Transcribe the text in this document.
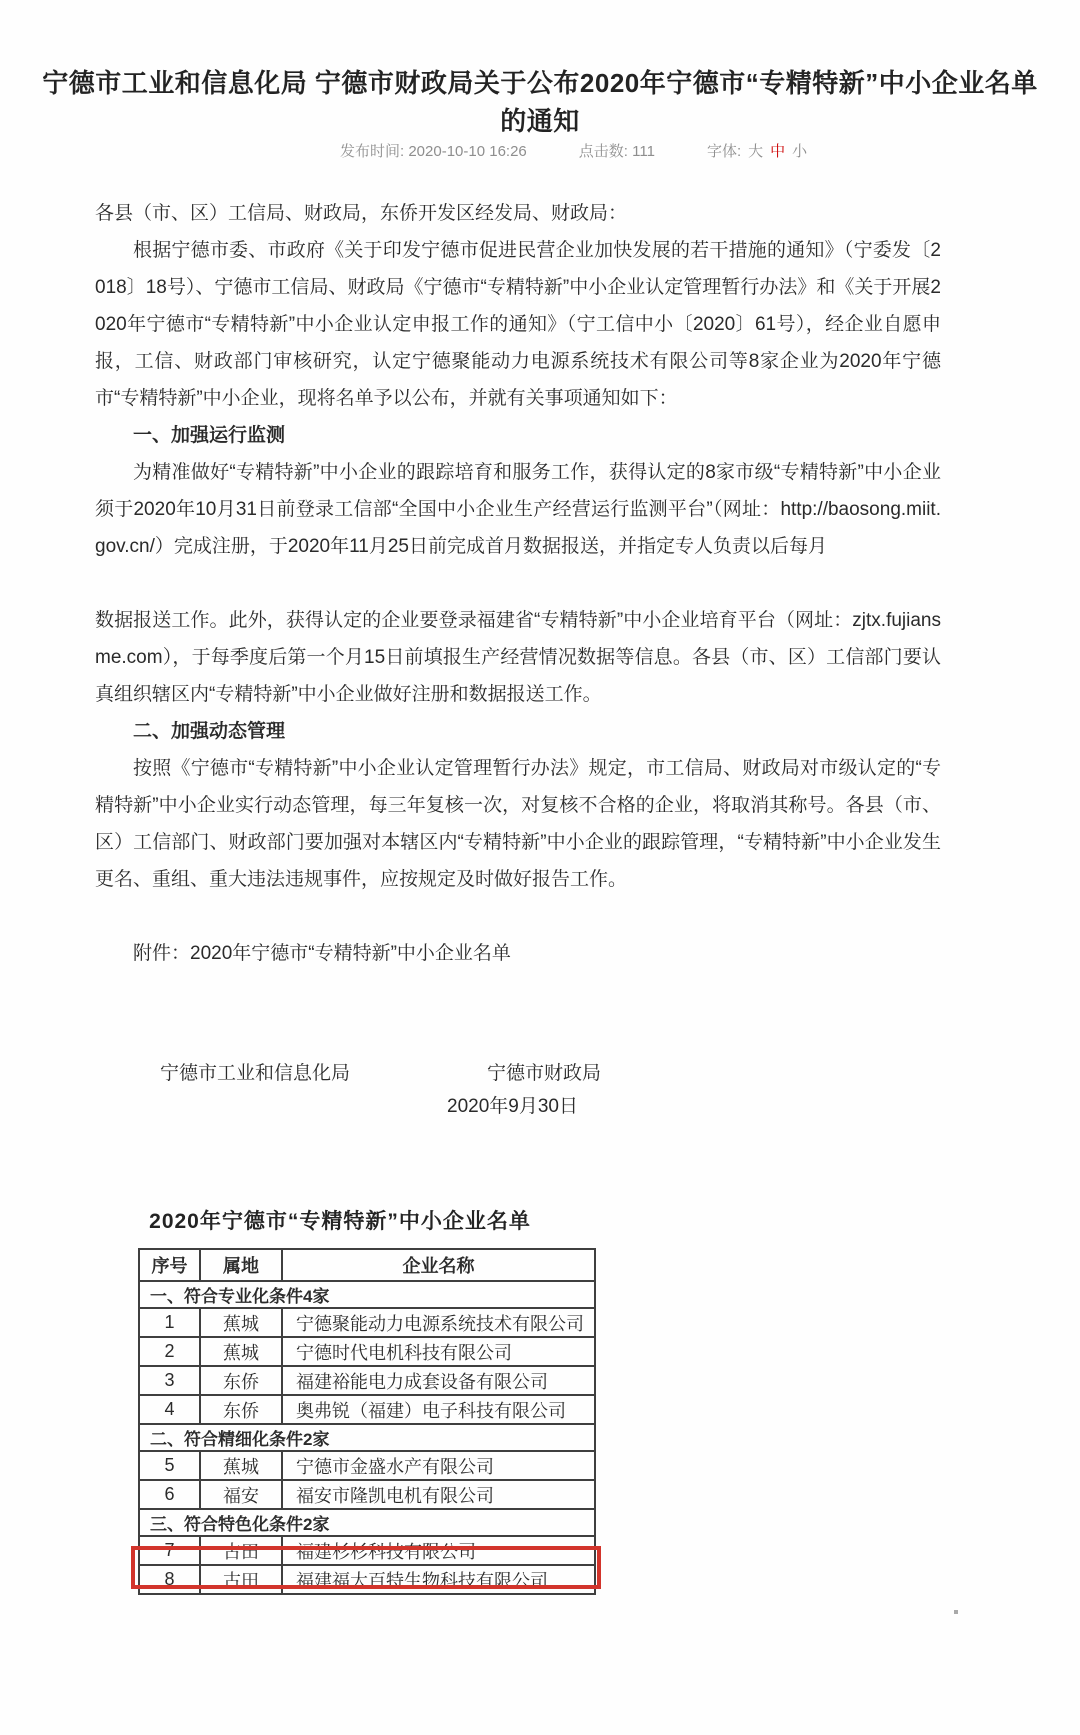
宁德市工业和信息化局 宁德市财政局关于公布2020年宁德市“专精特新”中小企业名单的通知
发布时间: 2020-10-10 16:26	点击数: 111	字体: 大 中 小

各县（市、区）工信局、财政局，东侨开发区经发局、财政局：

根据宁德市委、市政府《关于印发宁德市促进民营企业加快发展的若干措施的通知》（宁委发〔2018〕18号）、宁德市工信局、财政局《宁德市“专精特新”中小企业认定管理暂行办法》和《关于开展2020年宁德市“专精特新”中小企业认定申报工作的通知》（宁工信中小〔2020〕61号），经企业自愿申报，工信、财政部门审核研究，认定宁德聚能动力电源系统技术有限公司等8家企业为2020年宁德市“专精特新”中小企业，现将名单予以公布，并就有关事项通知如下：

一、加强运行监测

为精准做好“专精特新”中小企业的跟踪培育和服务工作，获得认定的8家市级“专精特新”中小企业须于2020年10月31日前登录工信部“全国中小企业生产经营运行监测平台”（网址：http://baosong.miit.gov.cn/）完成注册，于2020年11月25日前完成首月数据报送，并指定专人负责以后每月

数据报送工作。此外，获得认定的企业要登录福建省“专精特新”中小企业培育平台（网址：zjtx.fujiansme.com），于每季度后第一个月15日前填报生产经营情况数据等信息。各县（市、区）工信部门要认真组织辖区内“专精特新”中小企业做好注册和数据报送工作。

二、加强动态管理

按照《宁德市“专精特新”中小企业认定管理暂行办法》规定，市工信局、财政局对市级认定的“专精特新”中小企业实行动态管理，每三年复核一次，对复核不合格的企业，将取消其称号。各县（市、区）工信部门、财政部门要加强对本辖区内“专精特新”中小企业的跟踪管理，“专精特新”中小企业发生更名、重组、重大违法违规事件，应按规定及时做好报告工作。

附件：2020年宁德市“专精特新”中小企业名单

宁德市工业和信息化局	宁德市财政局
2020年9月30日
2020年宁德市“专精特新”中小企业名单
序号	属地	企业名称
一、符合专业化条件4家		
1	蕉城	宁德聚能动力电源系统技术有限公司
2	蕉城	宁德时代电机科技有限公司
3	东侨	福建裕能电力成套设备有限公司
4	东侨	奥弗锐（福建）电子科技有限公司
二、符合精细化条件2家		
5	蕉城	宁德市金盛水产有限公司
6	福安	福安市隆凯电机有限公司
三、符合特色化条件2家		
7	古田	福建杉杉科技有限公司
8	古田	福建福大百特生物科技有限公司
